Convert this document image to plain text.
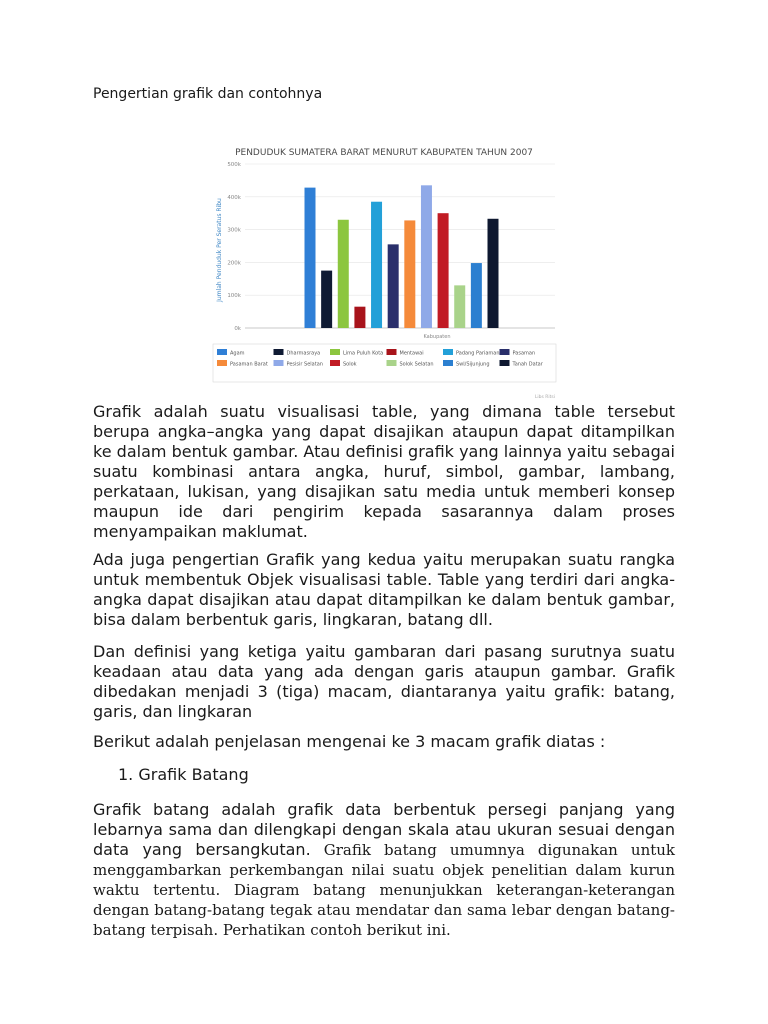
Pengertian grafik dan contohnya
PENDUDUK SUMATERA BARAT MENURUT KABUPATEN TAHUN 2007
Jumlah Penduduk Per Seratus Ribu
Kabupaten
Libs Ritsi
0k
100k
200k
300k
400k
500k
Agam	Dharmasraya	Lima Puluh Kota	Mentawai	Padang Pariaman	Pasaman
Pasaman Barat	Pesisir Selatan	Solok	Solok Selatan	Swl/Sijunjung	Tanah Datar

Grafik adalah suatu visualisasi table, yang dimana table tersebut berupa angka–angka yang dapat disajikan ataupun dapat ditampilkan ke dalam bentuk gambar. Atau definisi grafik yang lainnya yaitu sebagai suatu kombinasi antara angka, huruf, simbol, gambar, lambang, perkataan, lukisan, yang disajikan satu media untuk memberi konsep maupun ide dari pengirim kepada sasarannya dalam proses menyampaikan maklumat.

Ada juga pengertian Grafik yang kedua yaitu merupakan suatu rangka untuk membentuk Objek visualisasi table. Table yang terdiri dari angka-angka dapat disajikan atau dapat ditampilkan ke dalam bentuk gambar, bisa dalam berbentuk garis, lingkaran, batang dll.

Dan definisi yang ketiga yaitu gambaran dari pasang surutnya suatu keadaan atau data yang ada dengan garis ataupun gambar. Grafik dibedakan menjadi 3 (tiga) macam, diantaranya yaitu grafik: batang, garis, dan lingkaran

Berikut adalah penjelasan mengenai ke 3 macam grafik diatas :

1. Grafik Batang

Grafik batang adalah grafik data berbentuk persegi panjang yang lebarnya sama dan dilengkapi dengan skala atau ukuran sesuai dengan data yang bersangkutan. Grafik batang umumnya digunakan untuk menggambarkan perkembangan nilai suatu objek penelitian dalam kurun waktu tertentu. Diagram batang menunjukkan keterangan-keterangan dengan batang-batang tegak atau mendatar dan sama lebar dengan batang-batang terpisah. Perhatikan contoh berikut ini.
